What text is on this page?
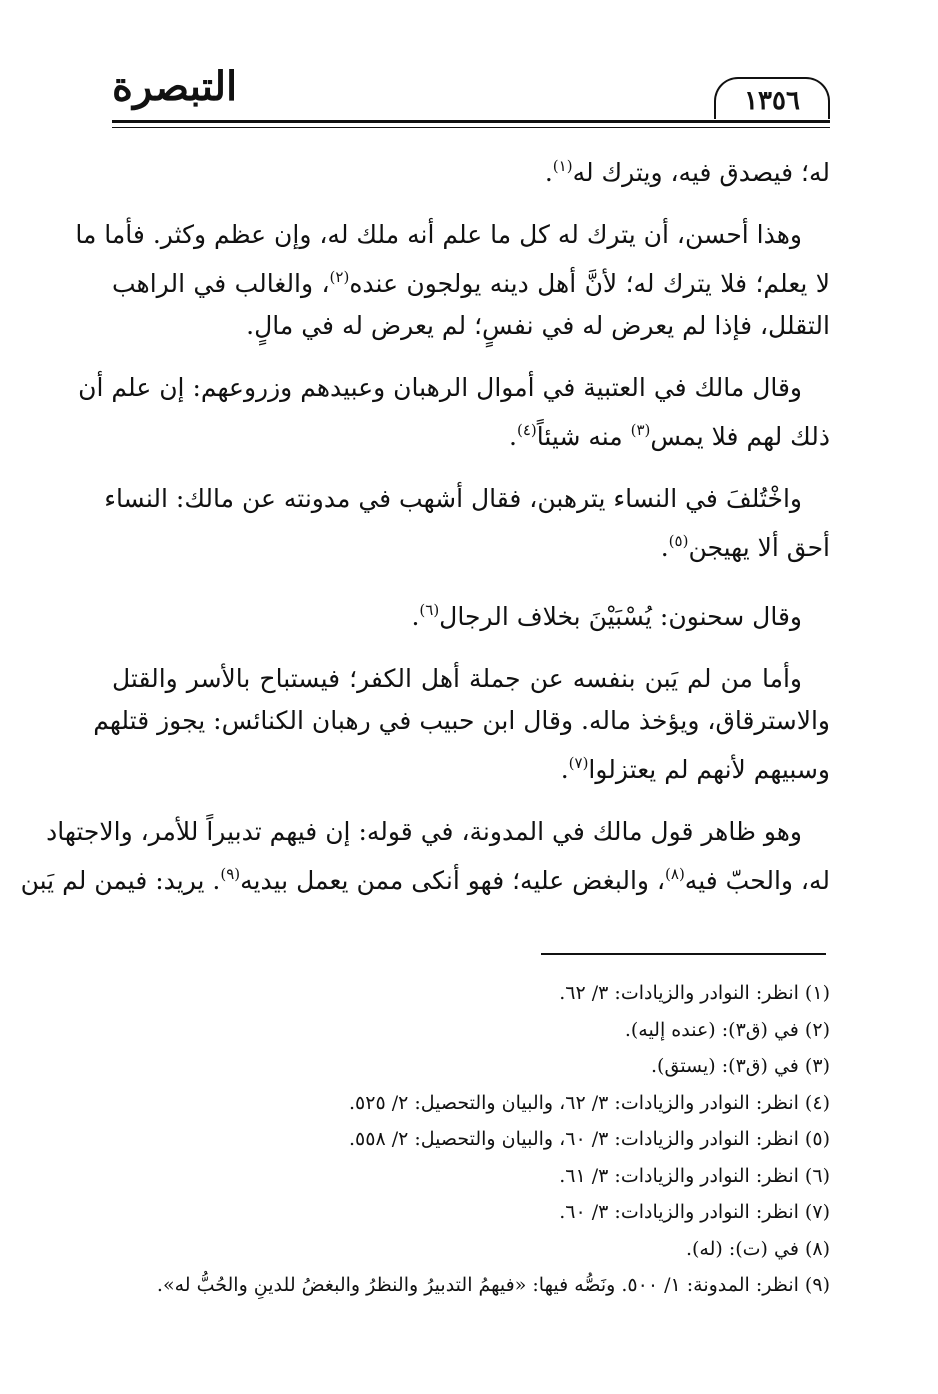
١٣٥٦
التبصرة

له؛ فيصدق فيه، ويترك له$^{(١)}$.

وهذا أحسن، أن يترك له كل ما علم أنه ملك له، وإن عظم وكثر. فأما ما

لا يعلم؛ فلا يترك له؛ لأنَّ أهل دينه يولجون عنده$^{(٢)}$، والغالب في الراهب

التقلل، فإذا لم يعرض له في نفسٍ؛ لم يعرض له في مالٍ.

وقال مالك في العتبية في أموال الرهبان وعبيدهم وزروعهم: إن علم أن

ذلك لهم فلا يمس$^{(٣)}$ منه شيئاً$^{(٤)}$.

واخْتُلفَ في النساء يترهبن، فقال أشهب في مدونته عن مالك: النساء

أحق ألا يهيجن$^{(٥)}$.

وقال سحنون: يُسْبَيْنَ بخلاف الرجال$^{(٦)}$.

وأما من لم يَبن بنفسه عن جملة أهل الكفر؛ فيستباح بالأسر والقتل

والاسترقاق، ويؤخذ ماله. وقال ابن حبيب في رهبان الكنائس: يجوز قتلهم

وسبيهم لأنهم لم يعتزلوا$^{(٧)}$.

وهو ظاهر قول مالك في المدونة، في قوله: إن فيهم تدبيراً للأمر، والاجتهاد

له، والحبّ فيه$^{(٨)}$، والبغض عليه؛ فهو أنكى ممن يعمل بيديه$^{(٩)}$. يريد: فيمن لم يَبن

(١) انظر: النوادر والزيادات: ٣/ ٦٢.

(٢) في (ق٣): (عنده إليه).

(٣) في (ق٣): (يستق).

(٤) انظر: النوادر والزيادات: ٣/ ٦٢، والبيان والتحصيل: ٢/ ٥٢٥.

(٥) انظر: النوادر والزيادات: ٣/ ٦٠، والبيان والتحصيل: ٢/ ٥٥٨.

(٦) انظر: النوادر والزيادات: ٣/ ٦١.

(٧) انظر: النوادر والزيادات: ٣/ ٦٠.

(٨) في (ت): (له).

(٩) انظر: المدونة: ١/ ٥٠٠. ونَصُّه فيها: «فيهمُ التدبيرُ والنظرُ والبغضُ للدينِ والحُبُّ له».
